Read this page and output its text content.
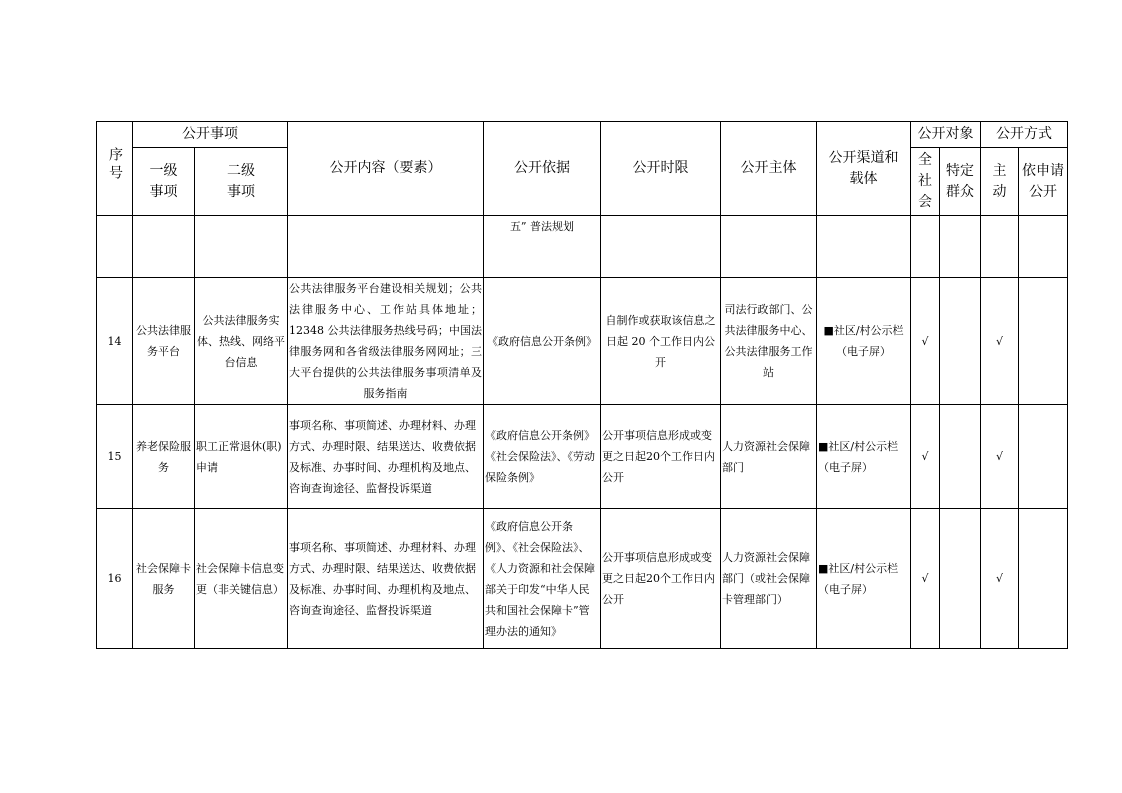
序号	公开事项		公开内容（要素）	公开依据	公开时限	公开主体	公开渠道和载体	公开对象		公开方式	
	一级事项	二级事项						全社会	特定群众	主动	依申请公开
				五” 普法规划							
14	公共法律服务平台	公共法律服务实体、热线、网络平台信息	公共法律服务平台建设相关规划；公共法律服务中心、工作站具体地址；12348 公共法律服务热线号码；中国法律服务网和各省级法律服务网网址；三大平台提供的公共法律服务事项清单及服务指南	《政府信息公开条例》	自制作或获取该信息之日起 20 个工作日内公开	司法行政部门、公共法律服务中心、公共法律服务工作站	■社区/村公示栏（电子屏）	√		√	
15	养老保险服务	职工正常退休(职)申请	事项名称、事项简述、办理材料、办理方式、办理时限、结果送达、收费依据及标准、办事时间、办理机构及地点、咨询查询途径、监督投诉渠道	《政府信息公开条例》《社会保险法》、《劳动保险条例》	公开事项信息形成或变更之日起20个工作日内公开	人力资源社会保障部门	■社区/村公示栏（电子屏）	√		√	
16	社会保障卡服务	社会保障卡信息变更（非关键信息）	事项名称、事项简述、办理材料、办理方式、办理时限、结果送达、收费依据及标准、办事时间、办理机构及地点、咨询查询途径、监督投诉渠道	《政府信息公开条例》、《社会保险法》、《人力资源和社会保障部关于印发“中华人民共和国社会保障卡”管理办法的通知》	公开事项信息形成或变更之日起20个工作日内公开	人力资源社会保障部门（或社会保障卡管理部门）	■社区/村公示栏（电子屏）	√		√	
